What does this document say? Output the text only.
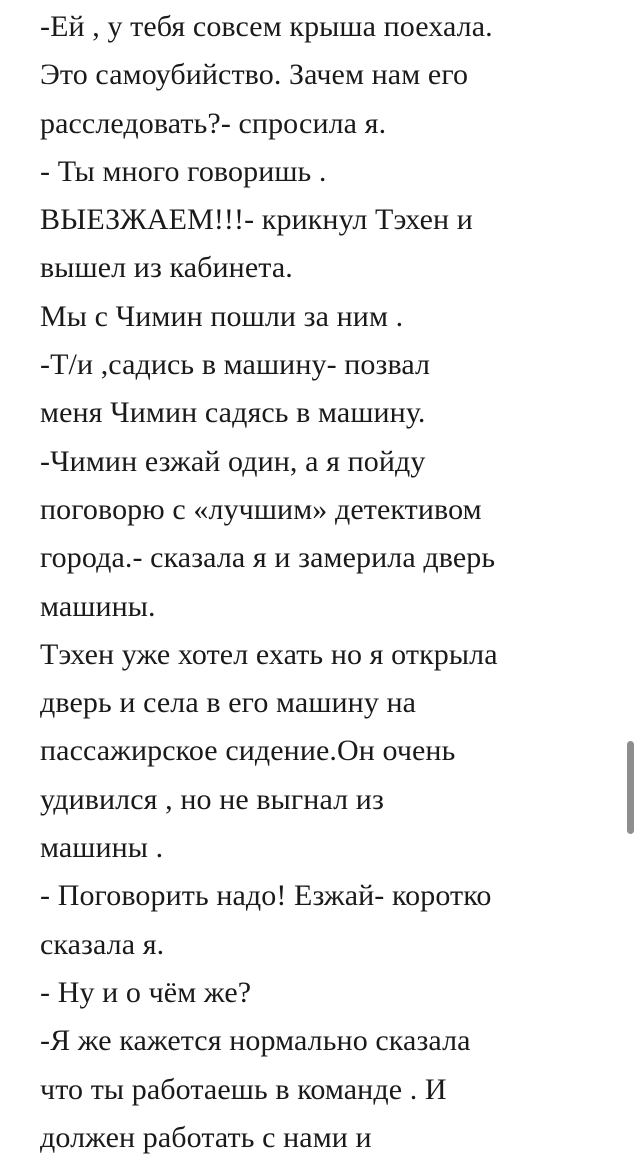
-Ей , у тебя совсем крыша поехала.
Это самоубийство. Зачем нам его
расследовать?- спросила я.
- Ты много говоришь .
ВЫЕЗЖАЕМ!!!- крикнул Тэхен и
вышел из кабинета.
Мы с Чимин пошли за ним .
-Т/и ,садись в машину- позвал
меня Чимин садясь в машину.
-Чимин езжай один, а я пойду
поговорю с «лучшим» детективом
города.- сказала я и замерила дверь
машины.
Тэхен уже хотел ехать но я открыла
дверь и села в его машину на
пассажирское сидение.Он очень
удивился , но не выгнал из
машины .
- Поговорить надо! Езжай- коротко
сказала я.
- Ну и о чём же?
-Я же кажется нормально сказала
что ты работаешь в команде . И
должен работать с нами и
